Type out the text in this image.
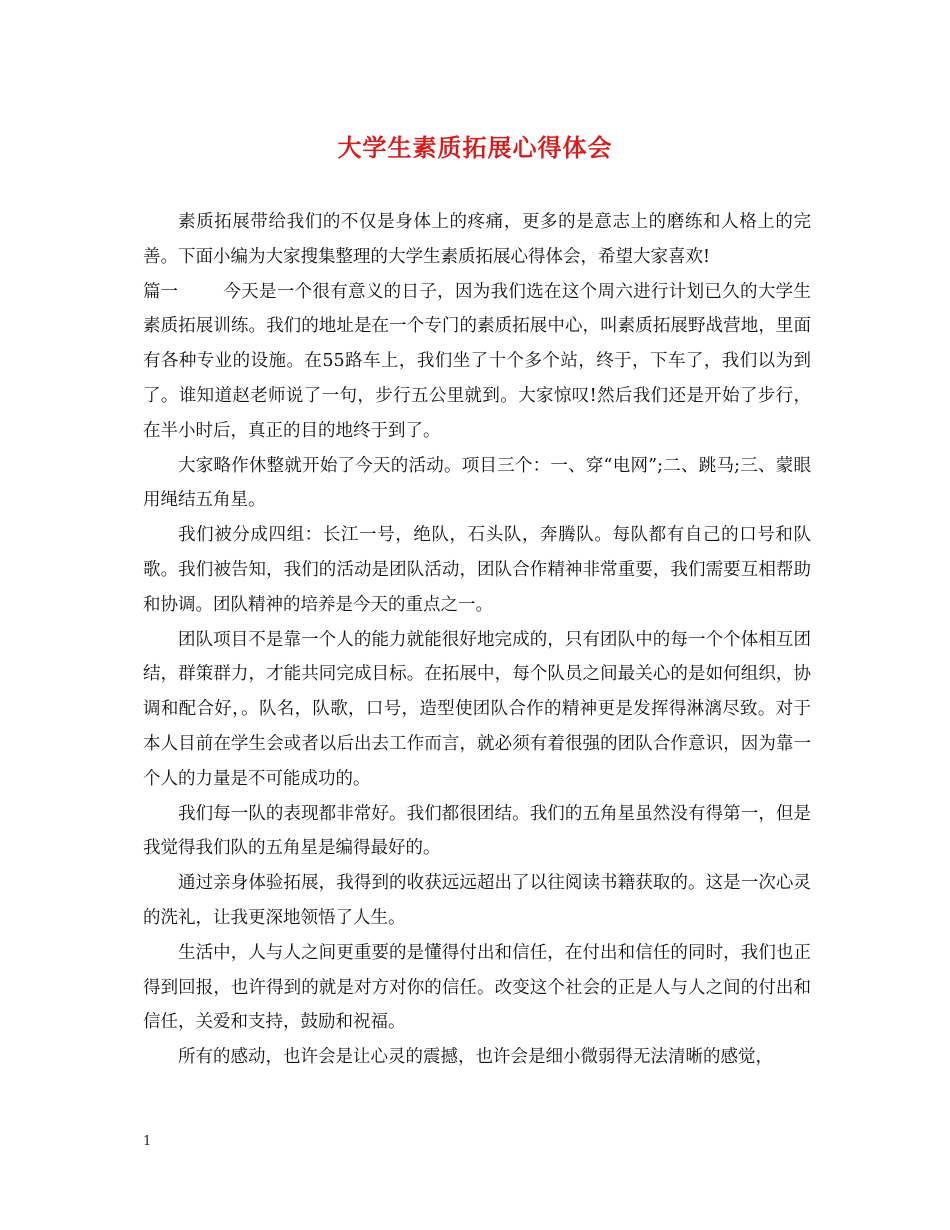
大学生素质拓展心得体会

素质拓展带给我们的不仅是身体上的疼痛，更多的是意志上的磨练和人格上的完善。下面小编为大家搜集整理的大学生素质拓展心得体会，希望大家喜欢!

篇一	今天是一个很有意义的日子，因为我们选在这个周六进行计划已久的大学生素质拓展训练。我们的地址是在一个专门的素质拓展中心，叫素质拓展野战营地，里面有各种专业的设施。在55路车上，我们坐了十个多个站，终于，下车了，我们以为到了。谁知道赵老师说了一句，步行五公里就到。大家惊叹!然后我们还是开始了步行，在半小时后，真正的目的地终于到了。

大家略作休整就开始了今天的活动。项目三个：一、穿“电网”;二、跳马;三、蒙眼用绳结五角星。

我们被分成四组：长江一号，绝队，石头队，奔腾队。每队都有自己的口号和队歌。我们被告知，我们的活动是团队活动，团队合作精神非常重要，我们需要互相帮助和协调。团队精神的培养是今天的重点之一。

团队项目不是靠一个人的能力就能很好地完成的，只有团队中的每一个个体相互团结，群策群力，才能共同完成目标。在拓展中，每个队员之间最关心的是如何组织，协调和配合好，。队名，队歌，口号，造型使团队合作的精神更是发挥得淋漓尽致。对于本人目前在学生会或者以后出去工作而言，就必须有着很强的团队合作意识，因为靠一个人的力量是不可能成功的。

我们每一队的表现都非常好。我们都很团结。我们的五角星虽然没有得第一，但是我觉得我们队的五角星是编得最好的。

通过亲身体验拓展，我得到的收获远远超出了以往阅读书籍获取的。这是一次心灵的洗礼，让我更深地领悟了人生。

生活中，人与人之间更重要的是懂得付出和信任，在付出和信任的同时，我们也正得到回报，也许得到的就是对方对你的信任。改变这个社会的正是人与人之间的付出和信任，关爱和支持，鼓励和祝福。

所有的感动，也许会是让心灵的震撼，也许会是细小微弱得无法清晰的感觉，

1
